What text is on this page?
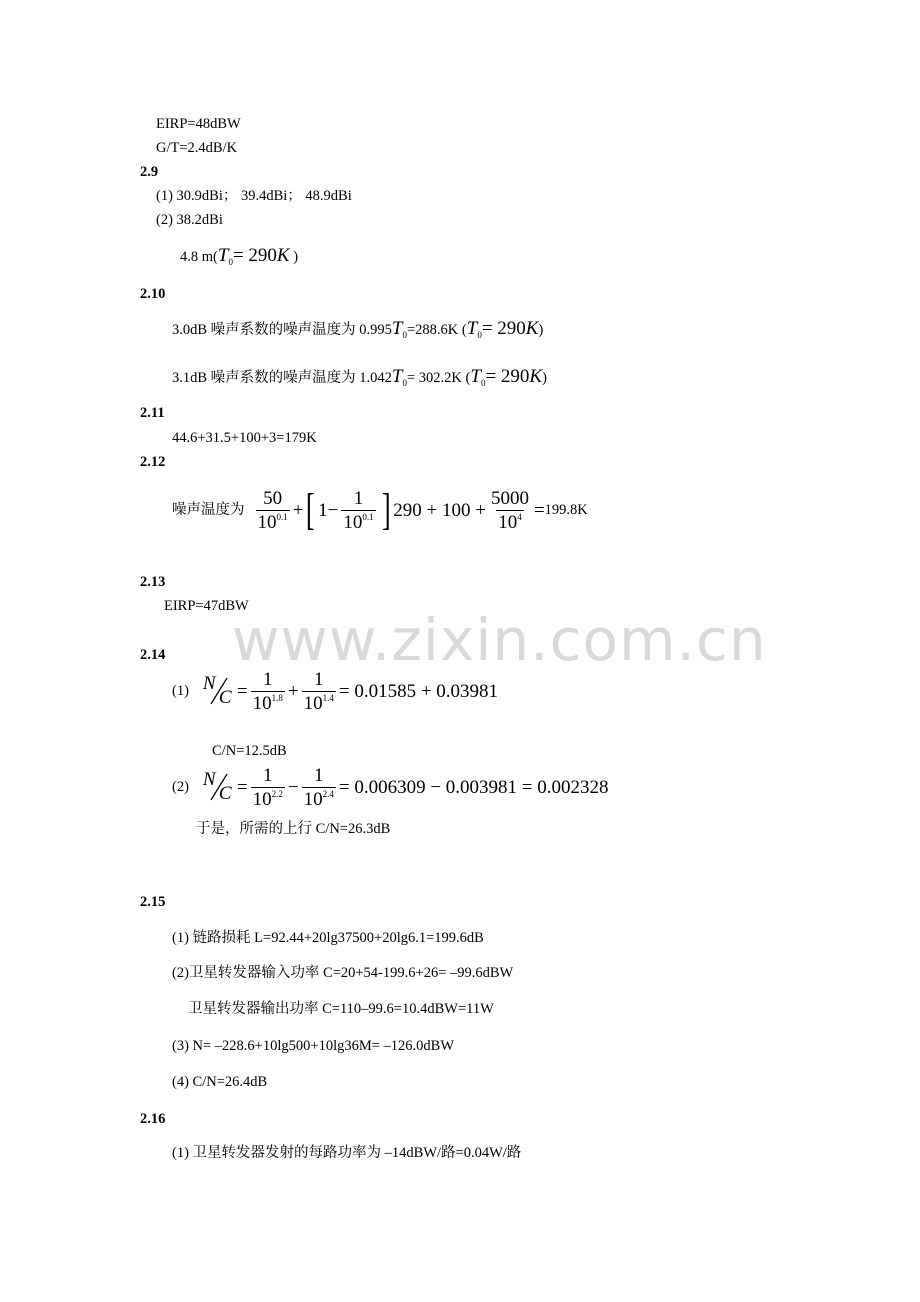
www.zixin.com.cn
EIRP=48dBW
G/T=2.4dB/K
2.9
(1) 30.9dBi； 39.4dBi； 48.9dBi
(2) 38.2dBi
4.8 $m(T_0= 290K$ )
2.10
3.0dB 噪声系数的噪声温度为 $0.995T_0=288.6K$ $(T_0= 290K)$
3.1dB 噪声系数的噪声温度为 $1.042T_0= 302.2K$ $(T_0= 290K)$
2.11
44.6+31.5+100+3=179K
2.12
噪声温度为 $\frac{50}{10^{0.1}}$ + [ $1 - \frac{1}{10^{0.1}}$ ] $290 + 100 + \frac{5000}{10^4} = 199.8K$
2.13
EIRP=47dBW
2.14
(1) N
$C = \frac{1}{10^{1.8}} + \frac{1}{10^{1.4}} = 0.01585 + 0.03981$
C/N=12.5dB
(2) N
$C = \frac{1}{10^{2.2}} - \frac{1}{10^{2.4}} = 0.006309 - 0.003981 = 0.002328$
于是，所需的上行 C/N=26.3dB
2.15
(1) 链路损耗 L=92.44+20lg37500+20lg6.1=199.6dB
(2)卫星转发器输入功率 C=20+54-199.6+26= –99.6dBW
卫星转发器输出功率 C=110–99.6=10.4dBW=11W
(3) N= –228.6+10lg500+10lg36M= –126.0dBW
(4) C/N=26.4dB
2.16
(1) 卫星转发器发射的每路功率为 –14dBW/路=0.04W/路
